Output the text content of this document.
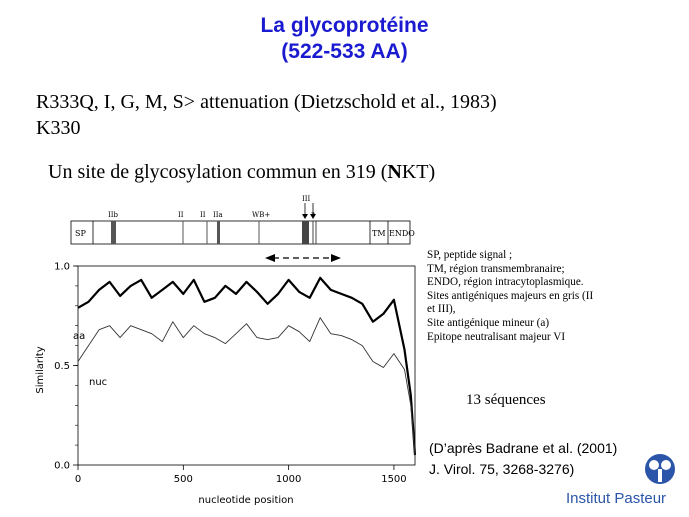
La glycoprotéine
(522-533 AA)
R333Q, I, G, M, S> attenuation (Dietzschold et al., 1983)
K330
Un site de glycosylation commun en 319 (NKT)
SP	TM ENDO
IIb	II II IIa	WB+
III
0.0
0.5
1.0
0	500	1000	1500
Similarity
nucleotide position
aa
nuc
SP, peptide signal ;
TM, région transmembranaire;
ENDO, région intracytoplasmique.
Sites antigéniques majeurs en gris (II
et III),
Site antigénique mineur (a)
Epitope neutralisant majeur VI
13 séquences
(D’après Badrane et al. (2001)
J. Virol. 75, 3268-3276)
Institut Pasteur
